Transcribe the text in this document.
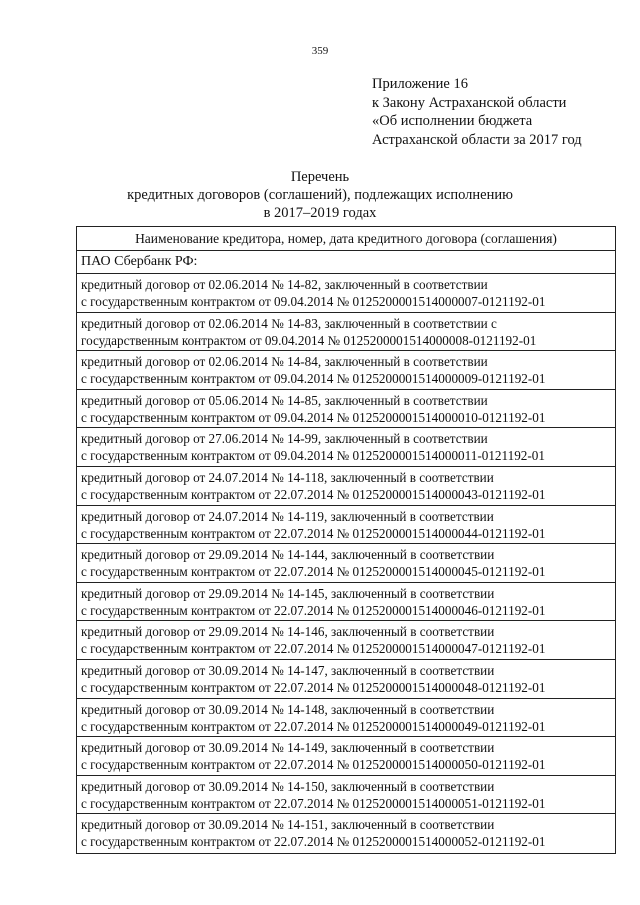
359
Приложение 16
к Закону Астраханской области
«Об исполнении бюджета
Астраханской области за 2017 год
Перечень
кредитных договоров (соглашений), подлежащих исполнению
в 2017–2019 годах
Наименование кредитора, номер, дата кредитного договора (соглашения)
ПАО Сбербанк РФ:
кредитный договор от 02.06.2014 № 14-82, заключенный в соответствии
с государственным контрактом от 09.04.2014 № 0125200001514000007-0121192-01
кредитный договор от 02.06.2014 № 14-83, заключенный в соответствии с
государственным контрактом от 09.04.2014 № 0125200001514000008-0121192-01
кредитный договор от 02.06.2014 № 14-84, заключенный в соответствии
с государственным контрактом от 09.04.2014 № 0125200001514000009-0121192-01
кредитный договор от 05.06.2014 № 14-85, заключенный в соответствии
с государственным контрактом от 09.04.2014 № 0125200001514000010-0121192-01
кредитный договор от 27.06.2014 № 14-99, заключенный в соответствии
с государственным контрактом от 09.04.2014 № 0125200001514000011-0121192-01
кредитный договор от 24.07.2014 № 14-118, заключенный в соответствии
с государственным контрактом от 22.07.2014 № 0125200001514000043-0121192-01
кредитный договор от 24.07.2014 № 14-119, заключенный в соответствии
с государственным контрактом от 22.07.2014 № 0125200001514000044-0121192-01
кредитный договор от 29.09.2014 № 14-144, заключенный в соответствии
с государственным контрактом от 22.07.2014 № 0125200001514000045-0121192-01
кредитный договор от 29.09.2014 № 14-145, заключенный в соответствии
с государственным контрактом от 22.07.2014 № 0125200001514000046-0121192-01
кредитный договор от 29.09.2014 № 14-146, заключенный в соответствии
с государственным контрактом от 22.07.2014 № 0125200001514000047-0121192-01
кредитный договор от 30.09.2014 № 14-147, заключенный в соответствии
с государственным контрактом от 22.07.2014 № 0125200001514000048-0121192-01
кредитный договор от 30.09.2014 № 14-148, заключенный в соответствии
с государственным контрактом от 22.07.2014 № 0125200001514000049-0121192-01
кредитный договор от 30.09.2014 № 14-149, заключенный в соответствии
с государственным контрактом от 22.07.2014 № 0125200001514000050-0121192-01
кредитный договор от 30.09.2014 № 14-150, заключенный в соответствии
с государственным контрактом от 22.07.2014 № 0125200001514000051-0121192-01
кредитный договор от 30.09.2014 № 14-151, заключенный в соответствии
с государственным контрактом от 22.07.2014 № 0125200001514000052-0121192-01
